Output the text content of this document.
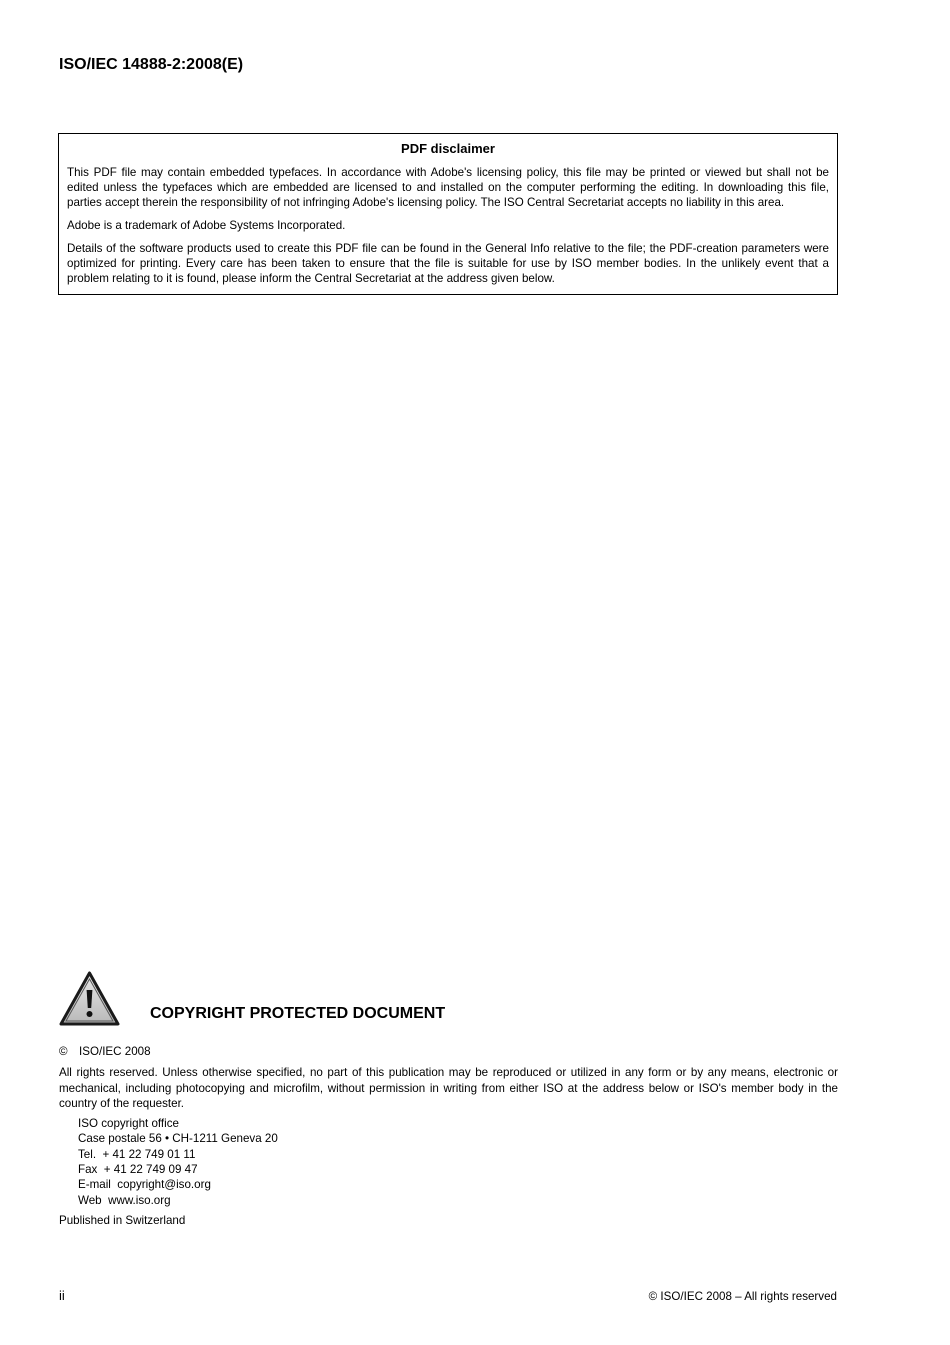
ISO/IEC 14888-2:2008(E)

PDF disclaimer

This PDF file may contain embedded typefaces. In accordance with Adobe's licensing policy, this file may be printed or viewed but shall not be edited unless the typefaces which are embedded are licensed to and installed on the computer performing the editing. In downloading this file, parties accept therein the responsibility of not infringing Adobe's licensing policy. The ISO Central Secretariat accepts no liability in this area.

Adobe is a trademark of Adobe Systems Incorporated.

Details of the software products used to create this PDF file can be found in the General Info relative to the file; the PDF-creation parameters were optimized for printing. Every care has been taken to ensure that the file is suitable for use by ISO member bodies. In the unlikely event that a problem relating to it is found, please inform the Central Secretariat at the address given below.

COPYRIGHT PROTECTED DOCUMENT

© ISO/IEC 2008

All rights reserved. Unless otherwise specified, no part of this publication may be reproduced or utilized in any form or by any means, electronic or mechanical, including photocopying and microfilm, without permission in writing from either ISO at the address below or ISO's member body in the country of the requester.

ISO copyright office
Case postale 56 • CH-1211 Geneva 20
Tel.  + 41 22 749 01 11
Fax  + 41 22 749 09 47
E-mail  copyright@iso.org
Web  www.iso.org

Published in Switzerland

ii	© ISO/IEC 2008 – All rights reserved
